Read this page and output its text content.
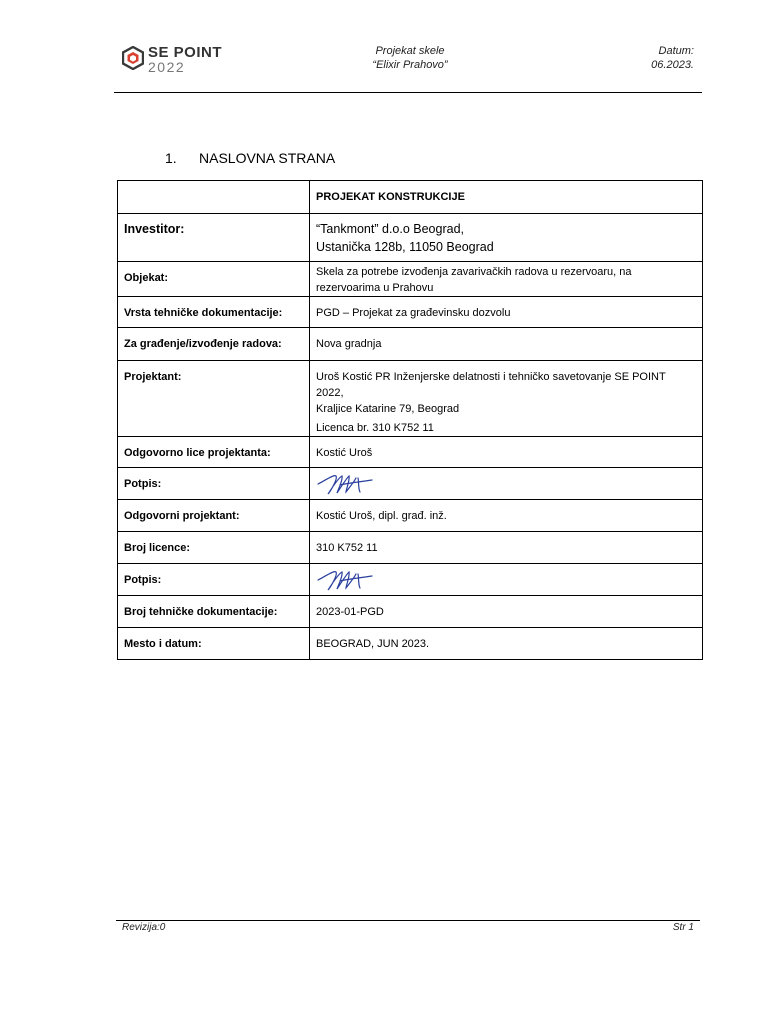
SE POINT
2022
Projekat skele
“Elixir Prahovo”
Datum:
06.2023.
1. NASLOVNA STRANA
	PROJEKAT KONSTRUKCIJE
Investitor:	“Tankmont” d.o.o Beograd,
Ustanička 128b, 11050 Beograd

Objekat:	Skela za potrebe izvođenja zavarivačkih radova u rezervoaru, na
rezervoarima u Prahovu

Vrsta tehničke dokumentacije:	PGD – Projekat za građevinsku dozvolu
Za građenje/izvođenje radova:	Nova gradnja
Projektant:	Uroš Kostić PR Inženjerske delatnosti i tehničko savetovanje SE POINT 2022,
Kraljice Katarine 79, Beograd
Licenca br. 310 K752 11

Odgovorno lice projektanta:	Kostić Uroš
Potpis:	

Odgovorni projektant:	Kostić Uroš, dipl. građ. inž.
Broj licence:	310 K752 11
Potpis:	

Broj tehničke dokumentacije:	2023-01-PGD
Mesto i datum:	BEOGRAD, JUN 2023.
Revizija:0	Str 1
